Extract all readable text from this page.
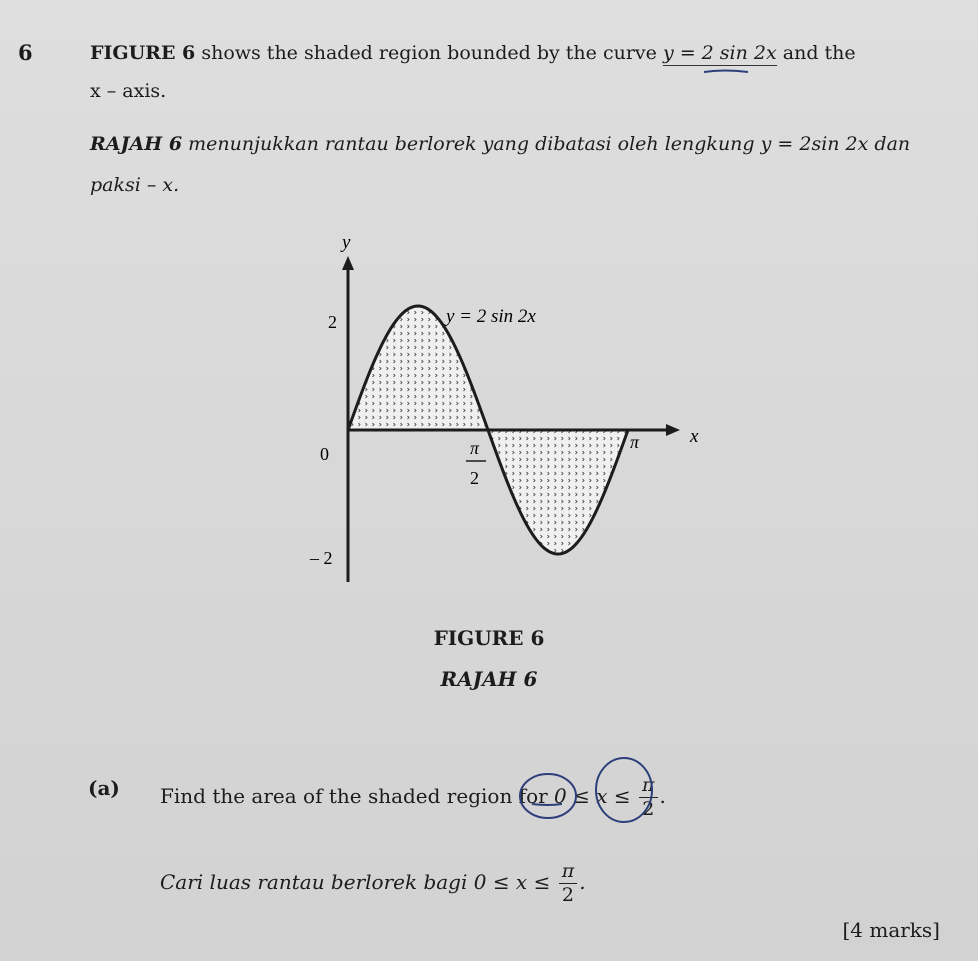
6	FIGURE 6 shows the shaded region bounded by the curve y = 2 sin 2x and the
x – axis.
RAJAH 6 menunjukkan rantau berlorek yang dibatasi oleh lengkung y = 2sin 2x dan
paksi – x.
y
x
2
– 2
0	π
2
π
y = 2 sin 2x
FIGURE 6
RAJAH 6
(a) Find the area of the shaded region for $0 \le x \le \frac{\pi}{2}$ .
Cari luas rantau berlorek bagi $0 \le x \le \frac{\pi}{2}$ .
[4 marks]
